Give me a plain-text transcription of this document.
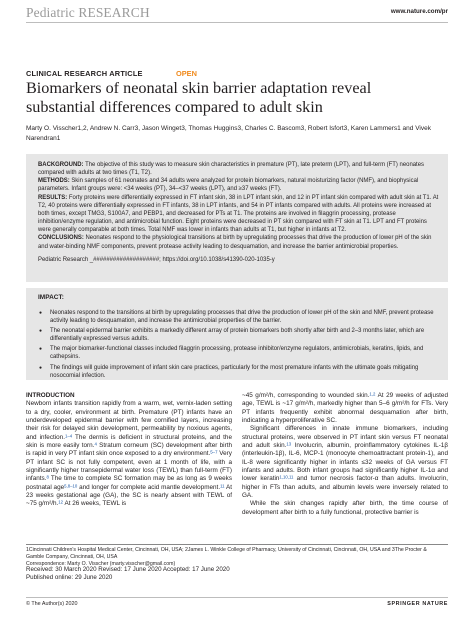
Pediatric RESEARCH	www.nature.com/pr
CLINICAL RESEARCH ARTICLE	OPEN
Biomarkers of neonatal skin barrier adaptation reveal substantial differences compared to adult skin
Marty O. Visscher1,2, Andrew N. Carr3, Jason Winget3, Thomas Huggins3, Charles C. Bascom3, Robert Isfort3, Karen Lammers1 and Vivek Narendran1

BACKGROUND: The objective of this study was to measure skin characteristics in premature (PT), late preterm (LPT), and full-term (FT) neonates compared with adults at two times (T1, T2).

METHODS: Skin samples of 61 neonates and 34 adults were analyzed for protein biomarkers, natural moisturizing factor (NMF), and biophysical parameters. Infant groups were: <34 weeks (PT), 34–<37 weeks (LPT), and ≥37 weeks (FT).

RESULTS: Forty proteins were differentially expressed in FT infant skin, 38 in LPT infant skin, and 12 in PT infant skin compared with adult skin at T1. At T2, 40 proteins were differentially expressed in FT infants, 38 in LPT infants, and 54 in PT infants compared with adults. All proteins were increased at both times, except TMG3, S100A7, and PEBP1, and decreased for PTs at T1. The proteins are involved in filaggrin processing, protease inhibition/enzyme regulation, and antimicrobial function. Eight proteins were decreased in PT skin compared with FT skin at T1. LPT and FT proteins were generally comparable at both times. Total NMF was lower in infants than adults at T1, but higher in infants at T2.

CONCLUSIONS: Neonates respond to the physiological transitions at birth by upregulating processes that drive the production of lower pH of the skin and water-binding NMF components, prevent protease activity leading to desquamation, and increase the barrier antimicrobial properties.

Pediatric Research _####################; https://doi.org/10.1038/s41390-020-1035-y

IMPACT:
● Neonates respond to the transitions at birth by upregulating processes that drive the production of lower pH of the skin and NMF, prevent protease activity leading to desquamation, and increase the antimicrobial properties of the barrier.
● The neonatal epidermal barrier exhibits a markedly different array of protein biomarkers both shortly after birth and 2–3 months later, which are differentially expressed versus adults.
● The major biomarker-functional classes included filaggrin processing, protease inhibitor/enzyme regulators, antimicrobials, keratins, lipids, and cathepsins.
● The findings will guide improvement of infant skin care practices, particularly for the most premature infants with the ultimate goals mitigating nosocomial infection.

INTRODUCTION

Newborn infants transition rapidly from a warm, wet, vernix-laden setting to a dry, cooler, environment at birth. Premature (PT) infants have an underdeveloped epidermal barrier with few cornified layers, increasing their risk for delayed skin development, permeability by noxious agents, and infection.$^{1-4}$ The dermis is deficient in structural proteins, and the skin is more easily torn.$^4$ Stratum corneum (SC) development after birth is rapid in very PT infant skin once exposed to a dry environment.$^{5-7}$ Very PT infant SC is not fully competent, even at 1 month of life, with a significantly higher transepidermal water loss (TEWL) than full-term (FT) infants.$^8$ The time to complete SC formation may be as long as 9 weeks postnatal age$^{5,8-10}$ and longer for complete acid mantle development.$^{11}$ At 23 weeks gestational age (GA), the SC is nearly absent with TEWL of ~75 g/m²/h.$^{12}$ At 26 weeks, TEWL is

~45 g/m²/h, corresponding to wounded skin.$^{1,2}$ At 29 weeks of adjusted age, TEWL is ~17 g/m²/h, markedly higher than 5–6 g/m²/h for FTs. Very PT infants frequently exhibit abnormal desquamation after birth, indicating a hyperproliferative SC.

Significant differences in innate immune biomarkers, including structural proteins, were observed in PT infant skin versus FT neonatal and adult skin.$^{13}$ Involucrin, albumin, proinflammatory cytokines IL-1β (interleukin-1β), IL-6, MCP-1 (monocyte chemoattractant protein-1), and IL-8 were significantly higher in infants ≤32 weeks of GA versus FT infants and adults. Both infant groups had significantly higher IL-1α and lower keratin$^{1,10,11}$ and tumor necrosis factor-α than adults. Involucrin, higher in FTs than adults, and albumin levels were inversely related to GA.

While the skin changes rapidly after birth, the time course of development after birth to a fully functional, protective barrier is

1Cincinnati Children's Hospital Medical Center, Cincinnati, OH, USA; 2James L. Winkle College of Pharmacy, University of Cincinnati, Cincinnati, OH, USA and 3The Procter & Gamble Company, Cincinnati, OH, USA
Correspondence: Marty O. Visscher (marty.visscher@gmail.com)
Received: 30 March 2020 Revised: 17 June 2020 Accepted: 17 June 2020
Published online: 29 June 2020
© The Author(s) 2020	SPRINGER NATURE
